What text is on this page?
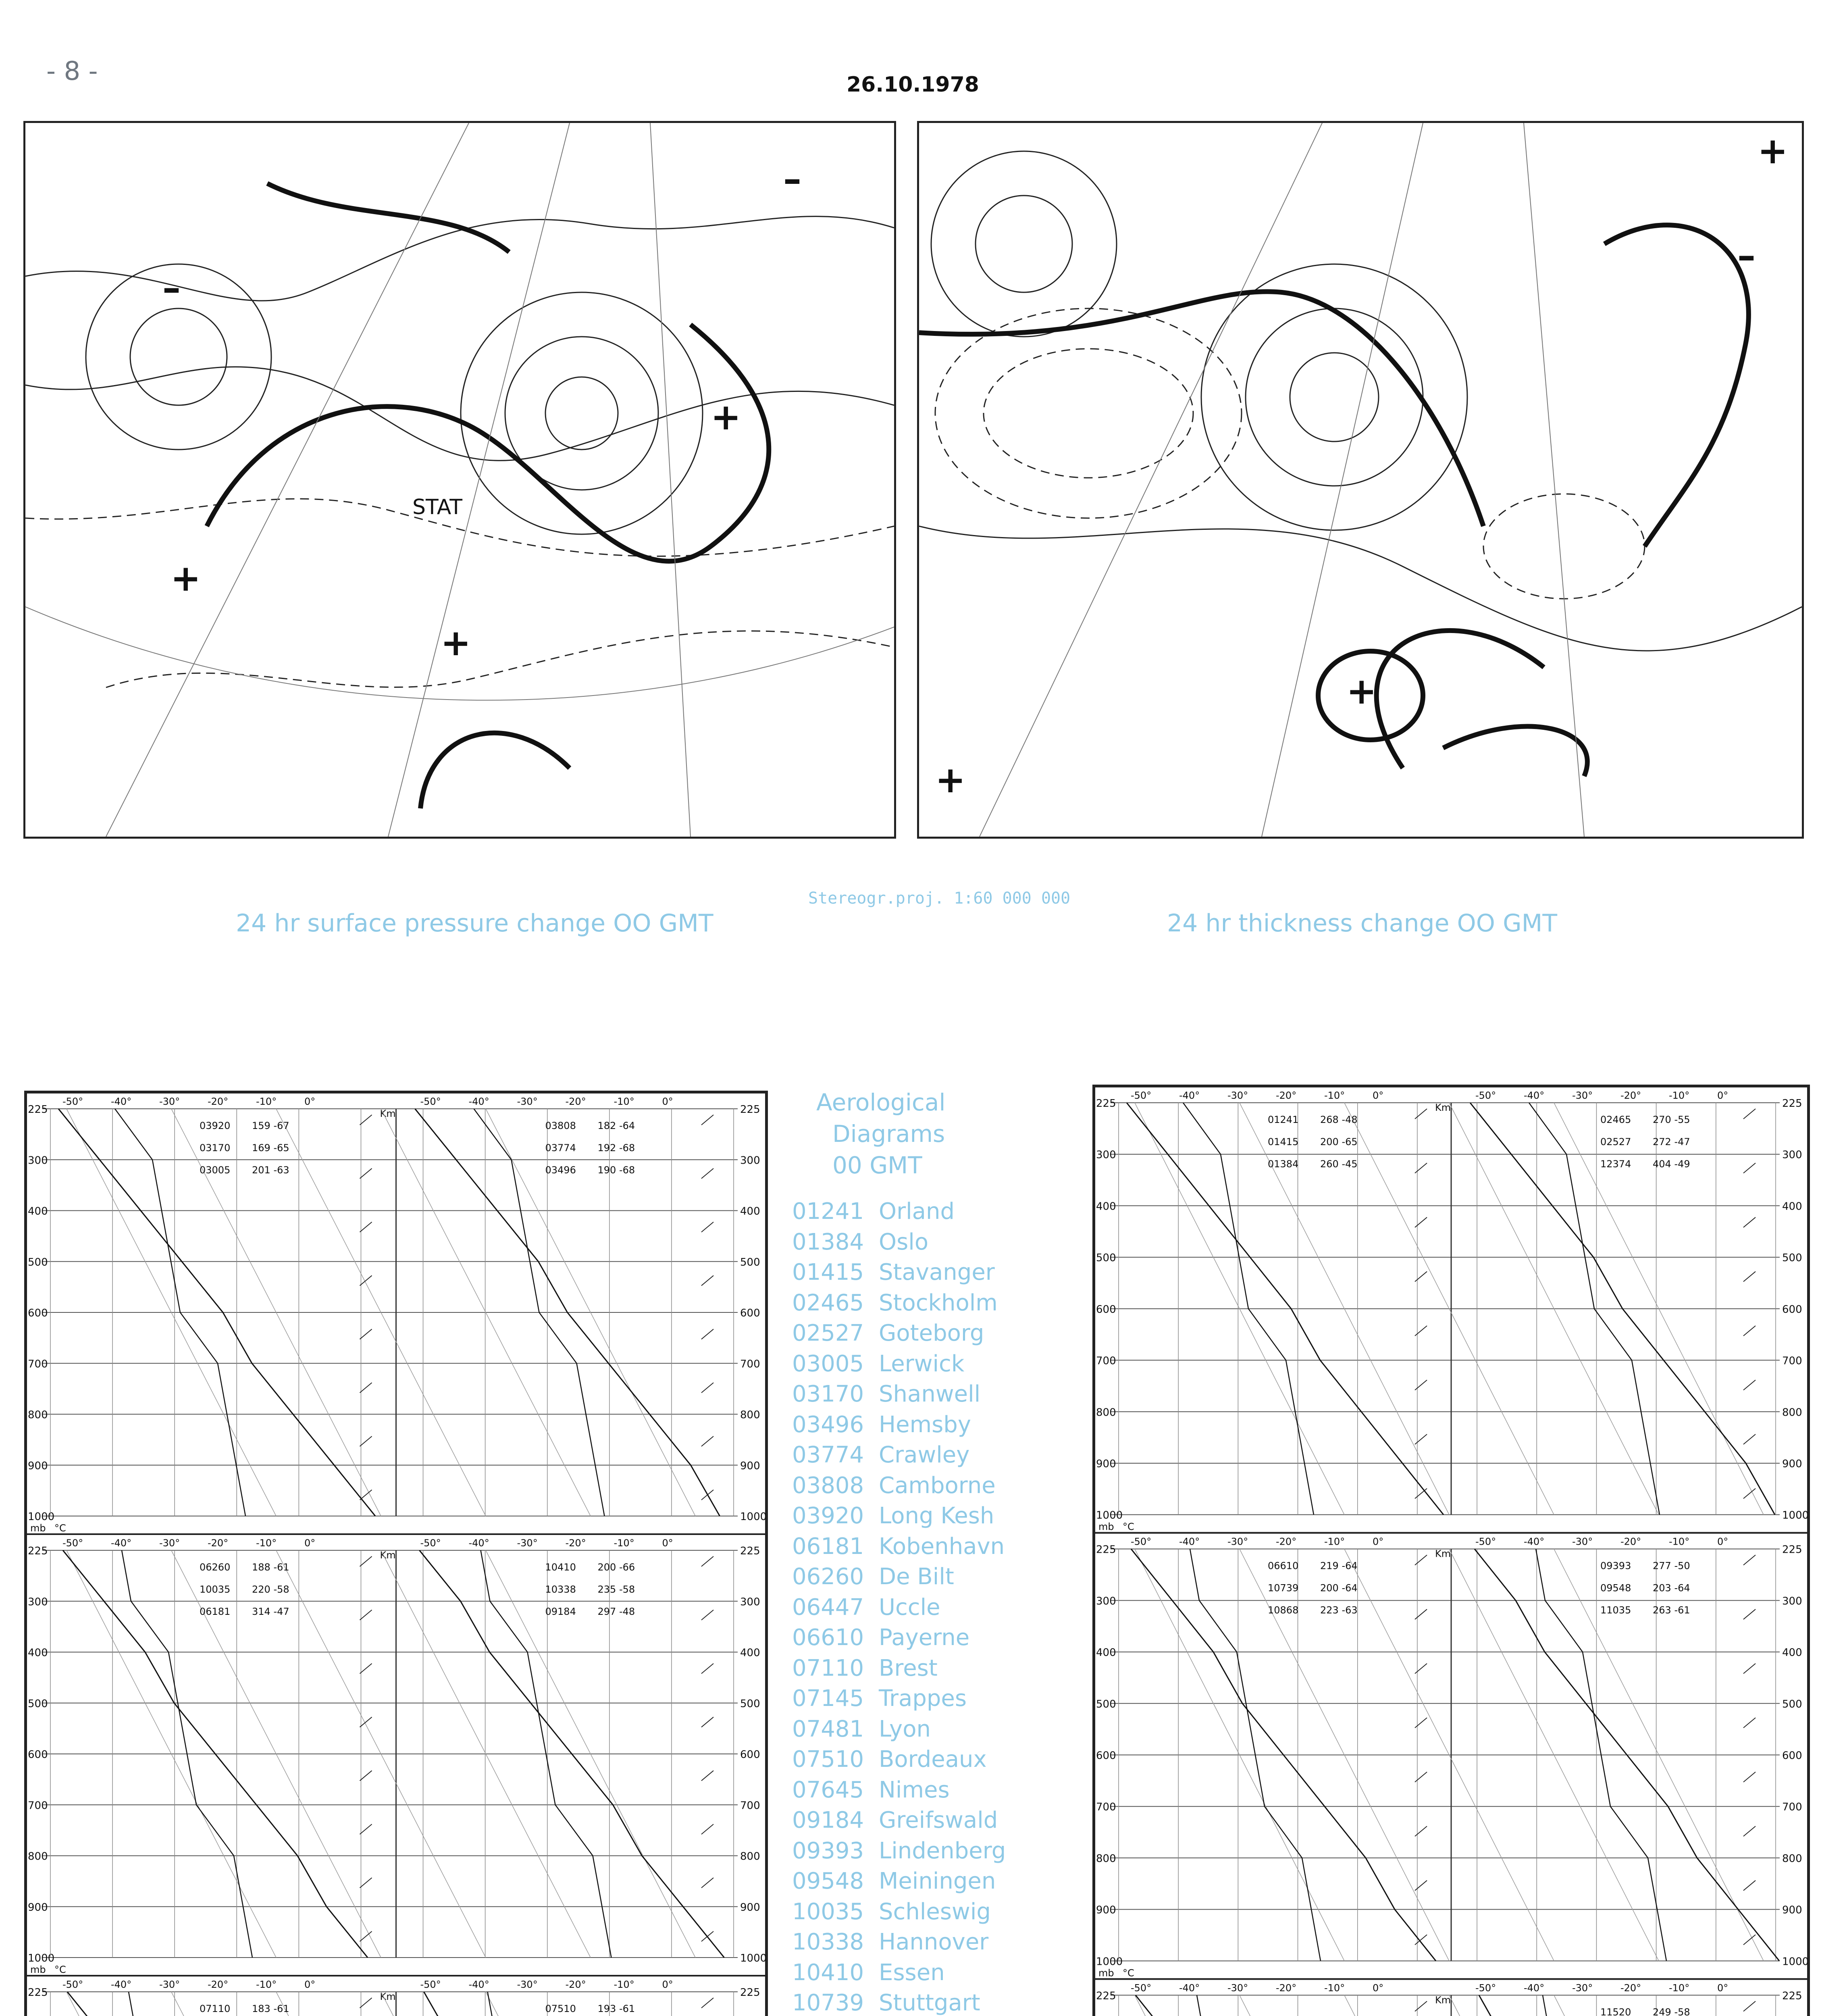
- 8 -	26.10.1978
+
+
+
–
–
STAT
+
+
+
–
24 hr surface pressure change OO GMT
Stereogr.proj. 1:60 000 000
24 hr thickness change OO GMT
225	225
300	300
400	400
500	500
600	600
700	700
800	800
900	900
1000	1000
-50°	-50°
-40°	-40°
-30°	-30°
-20°	-20°
-10°	-10°
0°	0°
mb °C
Km
03920 159 -67	03808 182 -64
03170 169 -65	03774 192 -68
03005 201 -63	03496 190 -68
225	225
300	300
400	400
500	500
600	600
700	700
800	800
900	900
1000	1000
-50°	-50°
-40°	-40°
-30°	-30°
-20°	-20°
-10°	-10°
0°	0°
mb °C
Km
06260 188 -61	10410 200 -66
10035 220 -58	10338 235 -58
06181 314 -47	09184 297 -48
225	225
-50°	-50°
-40°	-40°
-30°	-30°
-20°	-20°
-10°	-10°
0°	0°
Km
07110 183 -61	07510 193 -61
Aerological
Diagrams
00 GMT
01241 Orland
01384 Oslo
01415 Stavanger
02465 Stockholm
02527 Goteborg
03005 Lerwick
03170 Shanwell
03496 Hemsby
03774 Crawley
03808 Camborne
03920 Long Kesh
06181 Kobenhavn
06260 De Bilt
06447 Uccle
06610 Payerne
07110 Brest
07145 Trappes
07481 Lyon
07510 Bordeaux
07645 Nimes
09184 Greifswald
09393 Lindenberg
09548 Meiningen
10035 Schleswig
10338 Hannover
10410 Essen
10739 Stuttgart
225	225
300	300
400	400
500	500
600	600
700	700
800	800
900	900
1000	1000
-50°	-50°
-40°	-40°
-30°	-30°
-20°	-20°
-10°	-10°
0°	0°
mb °C
Km
01241 268 -48	02465 270 -55
01415 200 -65	02527 272 -47
01384 260 -45	12374 404 -49
225	225
300	300
400	400
500	500
600	600
700	700
800	800
900	900
1000	1000
-50°	-50°
-40°	-40°
-30°	-30°
-20°	-20°
-10°	-10°
0°	0°
mb °C
Km
06610 219 -64	09393 277 -50
10739 200 -64	09548 203 -64
10868 223 -63	11035 263 -61
225	225
-50°	-50°
-40°	-40°
-30°	-30°
-20°	-20°
-10°	-10°
0°	0°
Km
11520 249 -58
